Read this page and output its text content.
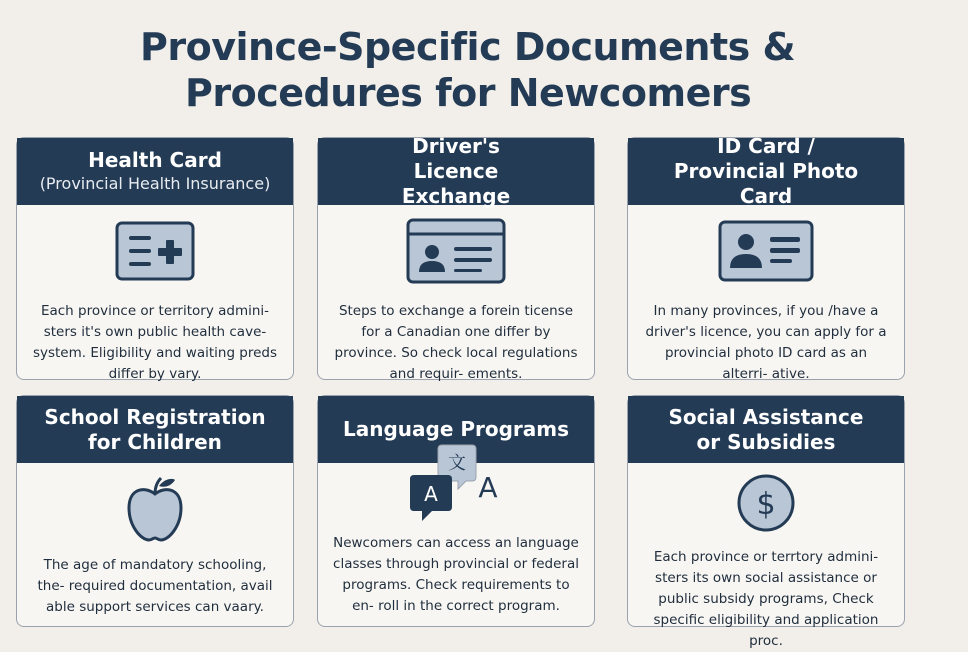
Province-Specific Documents &
Procedures for Newcomers
Health Card
(Provincial Health Insurance)
Each province or territory admini- sters it's own public health cave- system. Eligibility and waiting preds differ by vary.
Driver's Licence Exchange
Steps to exchange a forein ticense for a Canadian one differ by province. So check local regulations and requir- ements.
ID Card / Provincial Photo Card
In many provinces, if you /have a driver's licence, you can apply for a provincial photo ID card as an alterri- ative.
School Registration for Children
The age of mandatory schooling, the- required documentation, avail able support services can vaary.
Language Programs
文
A
A
Newcomers can access an language classes through provincial or federal programs. Check requirements to en- roll in the correct program.
Social Assistance or Subsidies
$
Each province or terrtory admini- sters its own social assistance or public subsidy programs, Check specific eligibility and application proc.
